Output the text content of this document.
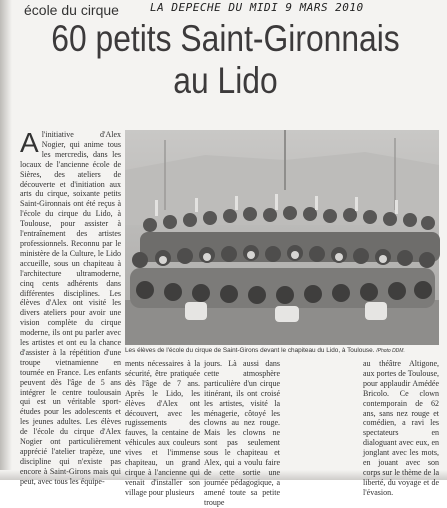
école du cirque	LA DEPECHE DU MIDI 9 MARS 2010
60 petits Saint-Gironnais au Lido
Al'initiative d'Alex Nogier, qui anime tous les mercredis, dans les locaux de l'ancienne école de Sières, des ateliers de découverte et d'initiation aux arts du cirque, soixante petits Saint-Gironnais ont été reçus à l'école du cirque du Lido, à Toulouse, pour assister à l'entraînement des artistes professionnels. Reconnu par le ministère de la Culture, le Lido accueille, sous un chapiteau à l'architecture ultramoderne, cinq cents adhérents dans différentes disciplines. Les élèves d'Alex ont visité les divers ateliers pour avoir une vision complète du cirque moderne, ils ont pu parler avec les artistes et ont eu la chance d'assister à la répétition d'une troupe vietnamienne en tournée en France. Les enfants peuvent dès l'âge de 5 ans intégrer le centre toulousain qui est un véritable sport-études pour les adolescents et les jeunes adultes. Les élèves de l'école du cirque d'Alex Nogier ont particulièrement apprécié l'atelier trapèze, une discipline qui n'existe pas encore à Saint-Girons mais qui peut, avec tous les équipe-
Les élèves de l'école du cirque de Saint-Girons devant le chapiteau du Lido, à Toulouse. /Photo DDM.
ments nécessaires à la sécurité, être pratiquée dès l'âge de 7 ans. Après le Lido, les élèves d'Alex ont découvert, avec les rugissements des fauves, la centaine de véhicules aux couleurs vives et l'immense chapiteau, un grand cirque à l'ancienne qui venait d'installer son village pour plusieurs
jours. Là aussi dans cette atmosphère particulière d'un cirque itinérant, ils ont croisé les artistes, visité la ménagerie, côtoyé les clowns au nez rouge. Mais les clowns ne sont pas seulement sous le chapiteau et Alex, qui a voulu faire de cette sortie une journée pédagogique, a amené toute sa petite troupe
au théâtre Altigone, aux portes de Toulouse, pour applaudir Amédée Bricolo. Ce clown contemporain de 62 ans, sans nez rouge et comédien, a ravi les spectateurs en dialoguant avec eux, en jonglant avec les mots, en jouant avec son corps sur le thème de la liberté, du voyage et de l'évasion.
